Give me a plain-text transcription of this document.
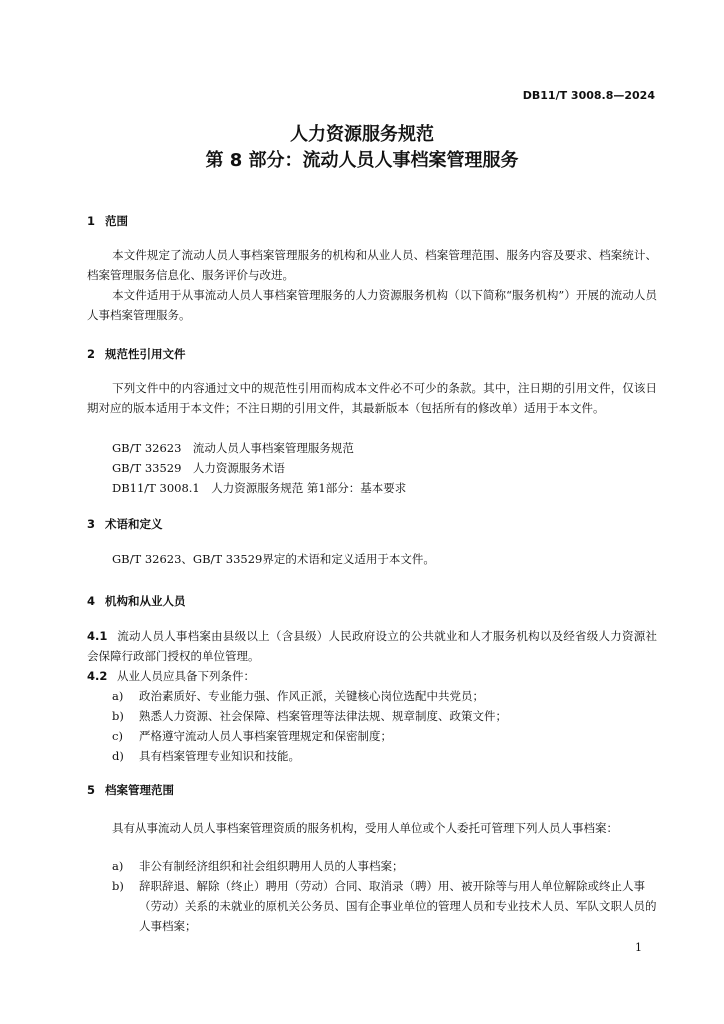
DB11/T 3008.8—2024
人力资源服务规范
第 8 部分：流动人员人事档案管理服务
1 范围
本文件规定了流动人员人事档案管理服务的机构和从业人员、档案管理范围、服务内容及要求、档案统计、档案管理服务信息化、服务评价与改进。
本文件适用于从事流动人员人事档案管理服务的人力资源服务机构（以下简称“服务机构”）开展的流动人员人事档案管理服务。
2 规范性引用文件
下列文件中的内容通过文中的规范性引用而构成本文件必不可少的条款。其中，注日期的引用文件，仅该日期对应的版本适用于本文件；不注日期的引用文件，其最新版本（包括所有的修改单）适用于本文件。
GB/T 32623　流动人员人事档案管理服务规范
GB/T 33529　人力资源服务术语
DB11/T 3008.1　人力资源服务规范 第1部分：基本要求
3 术语和定义
GB/T 32623、GB/T 33529界定的术语和定义适用于本文件。
4 机构和从业人员
4.1 流动人员人事档案由县级以上（含县级）人民政府设立的公共就业和人才服务机构以及经省级人力资源社会保障行政部门授权的单位管理。
4.2 从业人员应具备下列条件：
a)	政治素质好、专业能力强、作风正派，关键核心岗位选配中共党员；
b)	熟悉人力资源、社会保障、档案管理等法律法规、规章制度、政策文件；
c)	严格遵守流动人员人事档案管理规定和保密制度；
d)	具有档案管理专业知识和技能。
5 档案管理范围
具有从事流动人员人事档案管理资质的服务机构，受用人单位或个人委托可管理下列人员人事档案：
a)	非公有制经济组织和社会组织聘用人员的人事档案；
b)	辞职辞退、解除（终止）聘用（劳动）合同、取消录（聘）用、被开除等与用人单位解除或终止人事（劳动）关系的未就业的原机关公务员、国有企事业单位的管理人员和专业技术人员、军队文职人员的人事档案；
1
